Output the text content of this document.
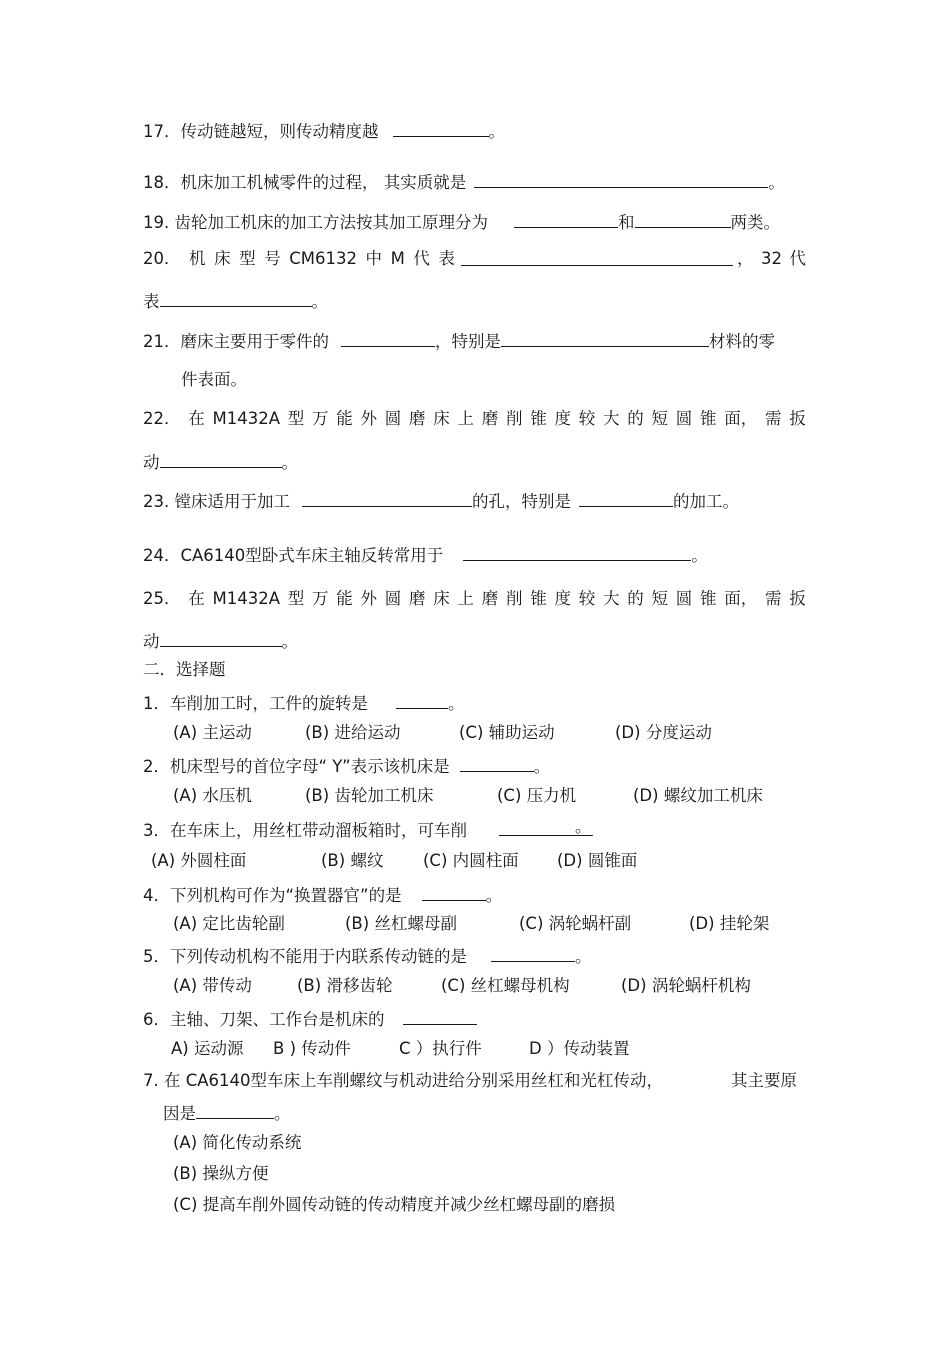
17．传动链越短，则传动精度越	。
18．机床加工机械零件的过程， 其实质就是	。
19. 齿轮加工机床的加工方法按其加工原理分为	和	两类。
20． 机 床 型 号 CM6132 中 M 代 表	， 32 代
表	。
21．磨床主要用于零件的	，特别是	材料的零
件表面。
22． 在 M1432A 型 万 能 外 圆 磨 床 上 磨 削 锥 度 较 大 的 短 圆 锥 面， 需 扳
动	。
23. 镗床适用于加工	的孔，特别是	的加工。
24．CA6140型卧式车床主轴反转常用于	。
25． 在 M1432A 型 万 能 外 圆 磨 床 上 磨 削 锥 度 较 大 的 短 圆 锥 面， 需 扳
动	。
二．选择题
1．车削加工时，工件的旋转是	。
(A) 主运动	(B) 进给运动	(C) 辅助运动	(D) 分度运动
2．机床型号的首位字母“ Y”表示该机床是	。
(A) 水压机	(B) 齿轮加工机床	(C) 压力机	(D) 螺纹加工机床
3．在车床上，用丝杠带动溜板箱时，可车削	。
(A) 外圆柱面	(B) 螺纹 (C) 内圆柱面 (D) 圆锥面
4．下列机构可作为“换置器官”的是	。
(A) 定比齿轮副	(B) 丝杠螺母副	(C) 涡轮蜗杆副	(D) 挂轮架
5．下列传动机构不能用于内联系传动链的是	。
(A) 带传动	(B) 滑移齿轮	(C) 丝杠螺母机构	(D) 涡轮蜗杆机构
6．主轴、刀架、工作台是机床的
A) 运动源 B ) 传动件	C ）执行件	D ）传动装置
7. 在 CA6140型车床上车削螺纹与机动进给分别采用丝杠和光杠传动，	其主要原
因是	。
(A) 简化传动系统
(B) 操纵方便
(C) 提高车削外圆传动链的传动精度并减少丝杠螺母副的磨损
